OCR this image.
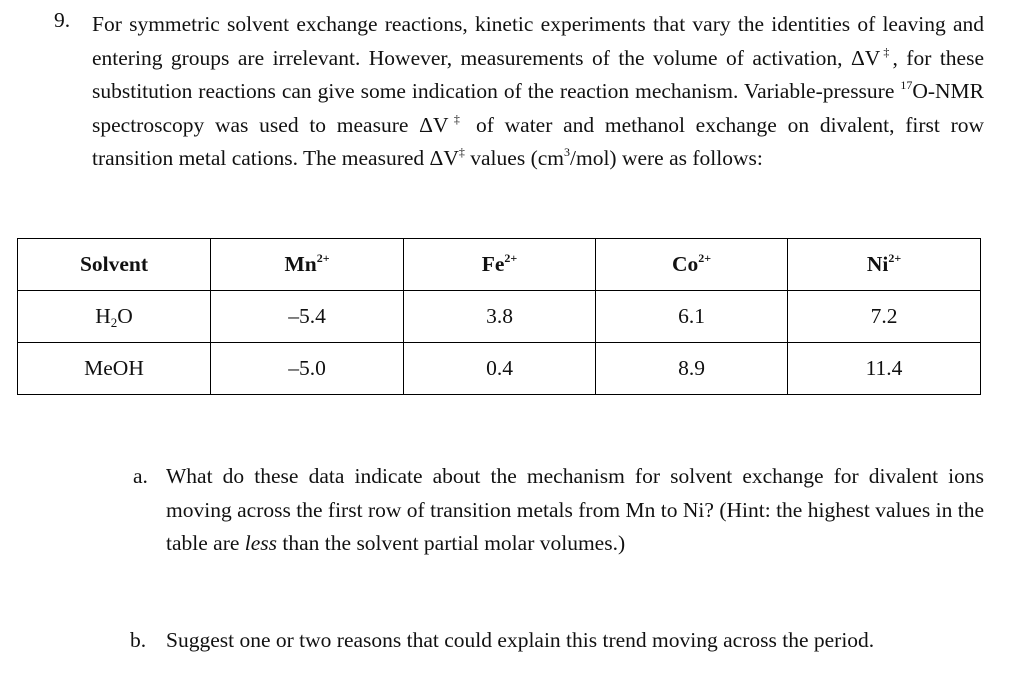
9. For symmetric solvent exchange reactions, kinetic experiments that vary the identities of leaving and entering groups are irrelevant. However, measurements of the volume of activation, ΔV‡, for these substitution reactions can give some indication of the reaction mechanism. Variable-pressure $^{17}$O-NMR spectroscopy was used to measure ΔV‡ of water and methanol exchange on divalent, first row transition metal cations. The measured ΔV‡ values $(cm^3/mol)$ were as follows:
Solvent	$Mn^{2+}$	$Fe^{2+}$	$Co^{2+}$	$Ni^{2+}$
$H_2O$	–5.4	3.8	6.1	7.2
MeOH	–5.0	0.4	8.9	11.4
a. What do these data indicate about the mechanism for solvent exchange for divalent ions moving across the first row of transition metals from Mn to Ni? (Hint: the highest values in the table are less than the solvent partial molar volumes.)
b. Suggest one or two reasons that could explain this trend moving across the period.
